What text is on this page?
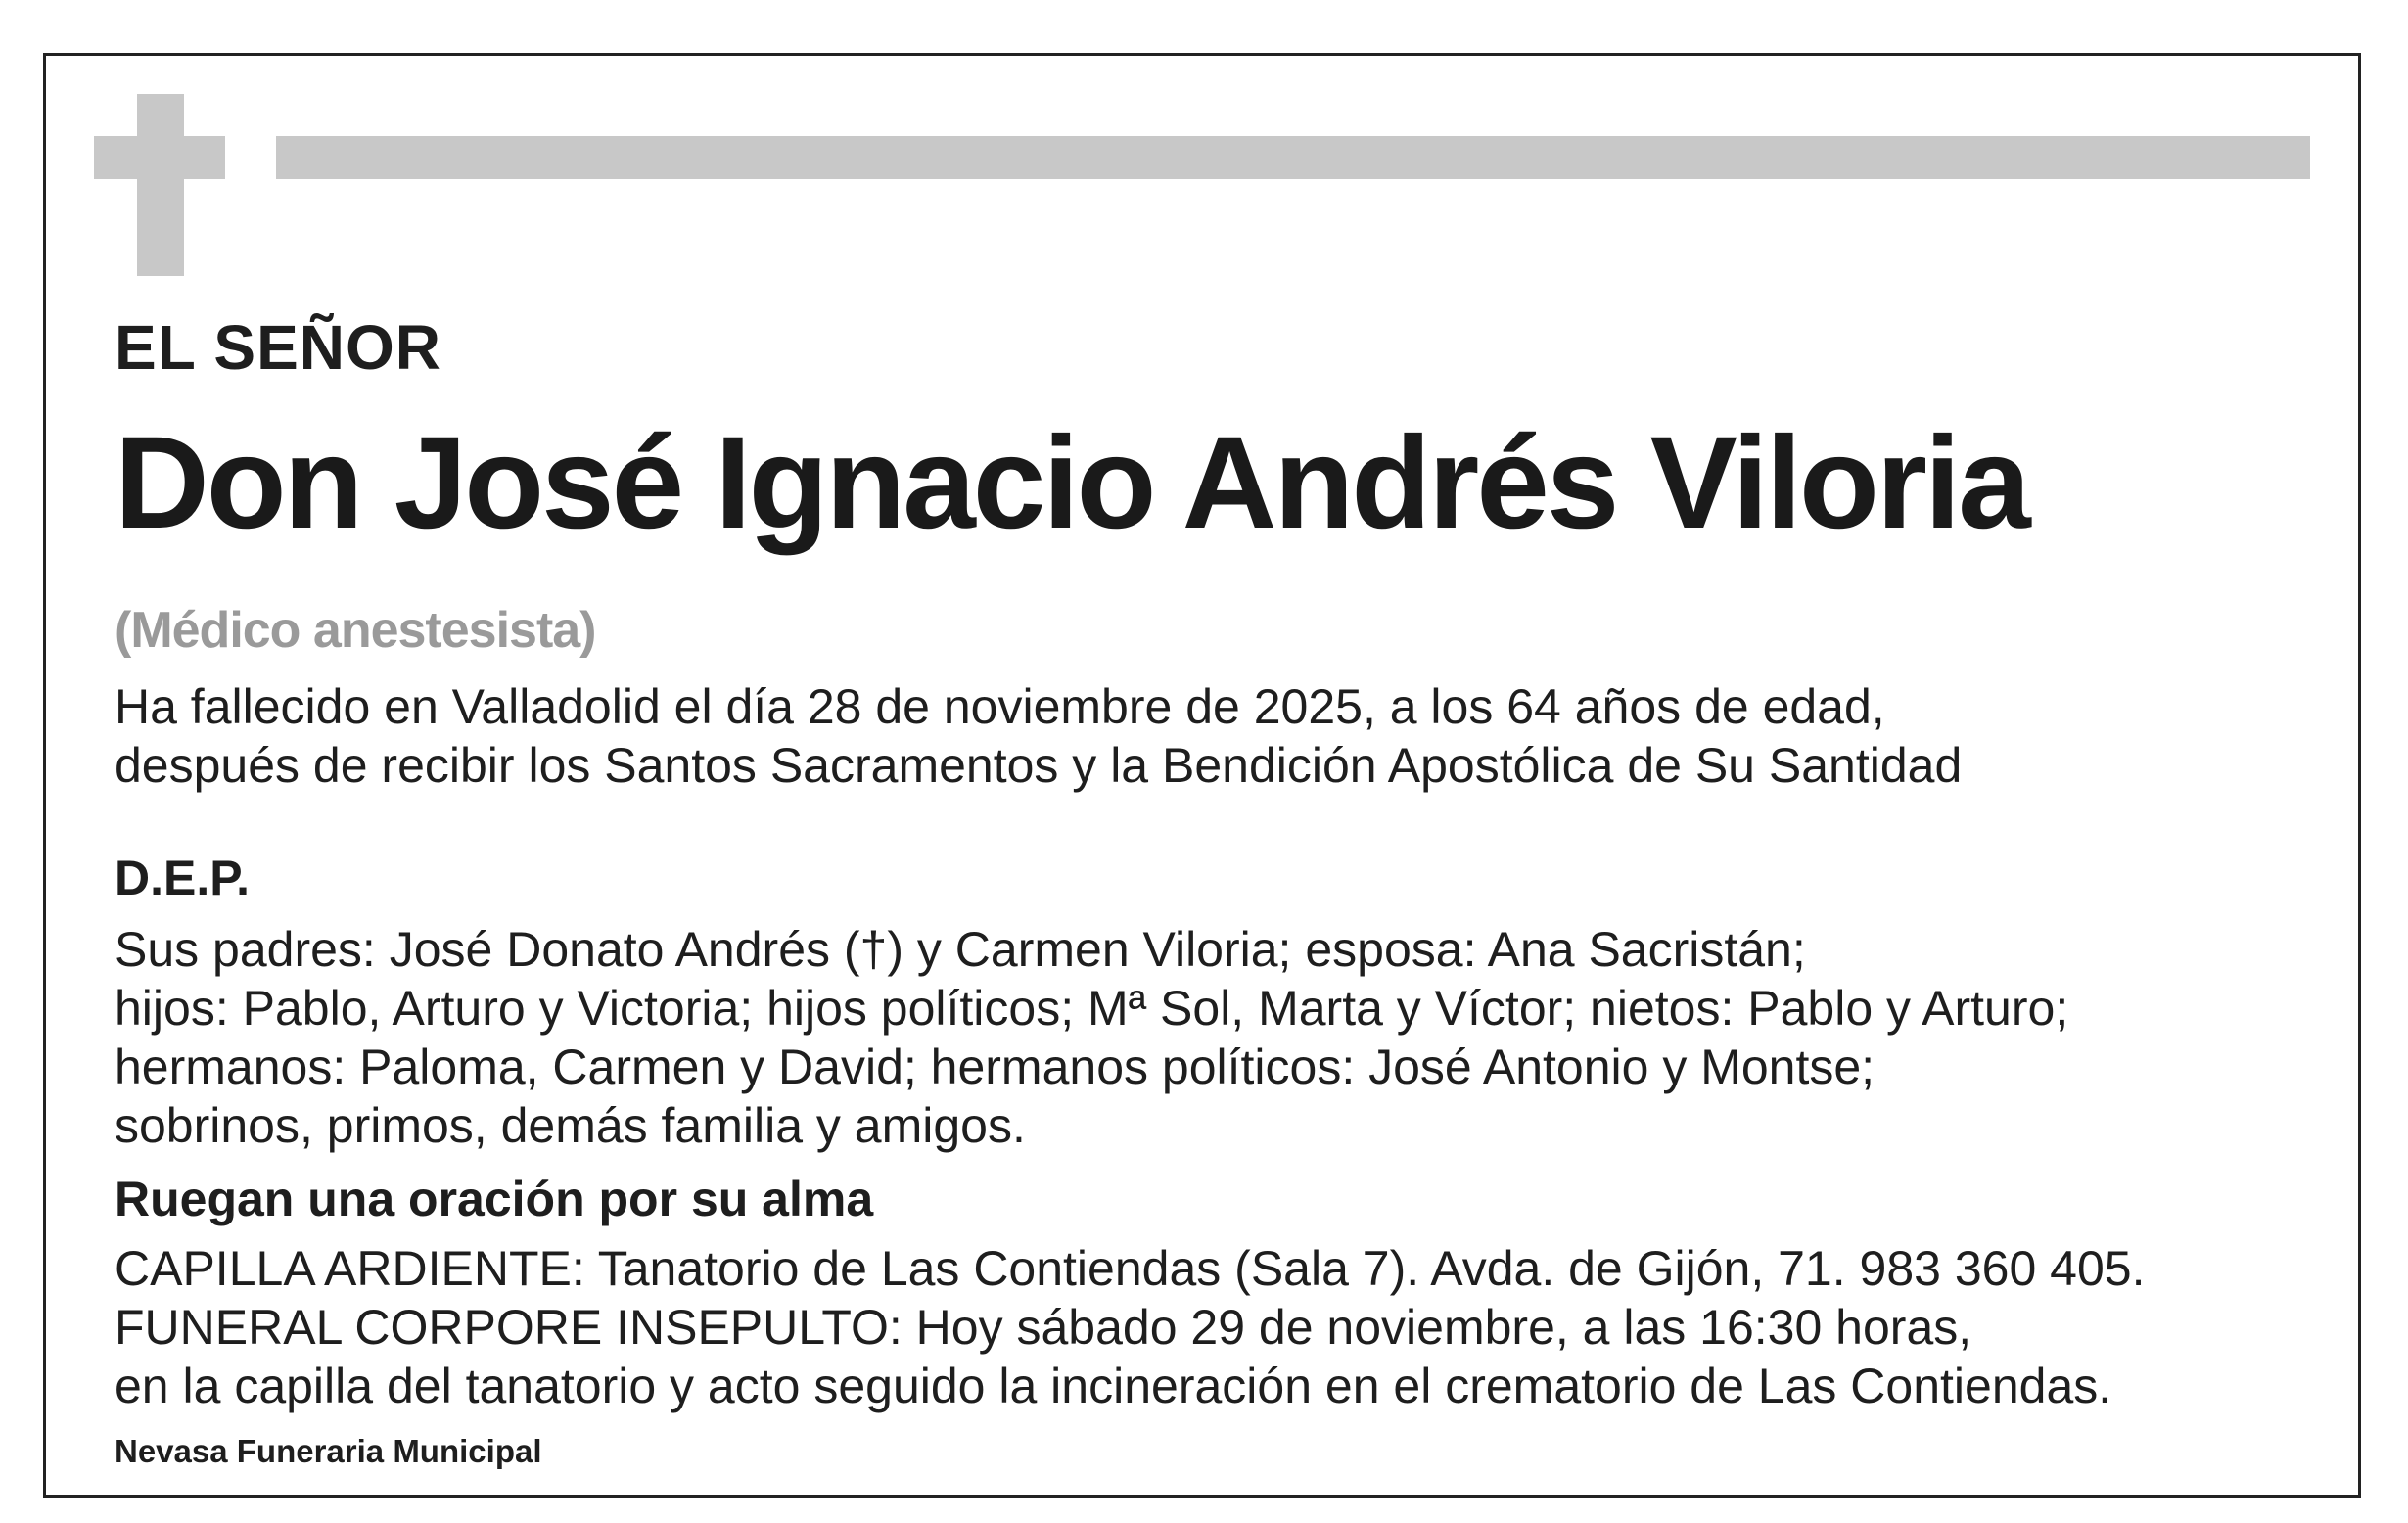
EL SEÑOR
Don José Ignacio Andrés Viloria
(Médico anestesista)
Ha fallecido en Valladolid el día 28 de noviembre de 2025, a los 64 años de edad,
después de recibir los Santos Sacramentos y la Bendición Apostólica de Su Santidad
D.E.P.
Sus padres: José Donato Andrés (†) y Carmen Viloria; esposa: Ana Sacristán;
hijos: Pablo, Arturo y Victoria; hijos políticos; Mª Sol, Marta y Víctor; nietos: Pablo y Arturo;
hermanos: Paloma, Carmen y David; hermanos políticos: José Antonio y Montse;
sobrinos, primos, demás familia y amigos.
Ruegan una oración por su alma
CAPILLA ARDIENTE: Tanatorio de Las Contiendas (Sala 7). Avda. de Gijón, 71. 983 360 405.
FUNERAL CORPORE INSEPULTO: Hoy sábado 29 de noviembre, a las 16:30 horas,
en la capilla del tanatorio y acto seguido la incineración en el crematorio de Las Contiendas.
Nevasa Funeraria Municipal
